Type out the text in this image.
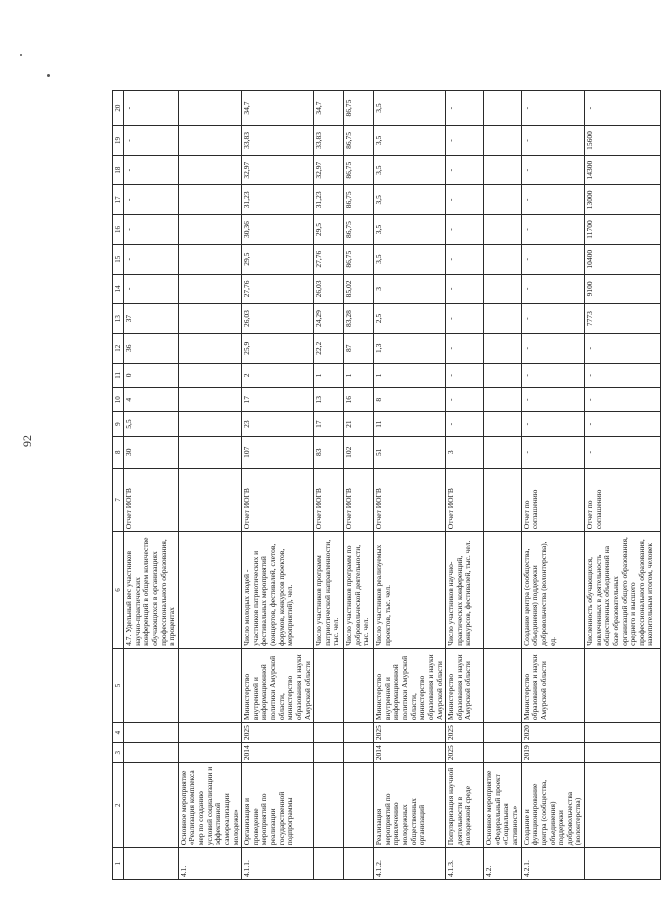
92
1	2	3	4	5	6	7	8	9	10	11	12	13	14	15	16	17	18	19	20
					4.7. Удельный вес участников научно-практических конференций в общем количестве обучающихся в организациях профессионального образования, в процентах	Отчет ИОГВ	30	5,5	4	0	36	37	-	-	-	-	-	-	-
4.1.	Основное мероприятие «Реализация комплекса мер по созданию условий социализации и эффективной самореализации молодежи»																		
4.1.1.	Организация и проведение мероприятий по реализации государственной подпрограммы	2014	2025	Министерство внутренней и информационной политики Амурской области, министерство образования и науки Амурской области	Число молодых людей - участников патриотических и фестивальных мероприятий (концертов, фестивалей, слетов, форумов, конкурсов проектов, мероприятий), чел.	Отчет ИОГВ	107	23	17	2	25,9	26,03	27,76	29,5	30,36	31,23	32,97	33,83	34,7
					Число участников программ патриотической направленности, тыс. чел.	Отчет ИОГВ	83	17	13	1	22,2	24,29	26,03	27,76	29,5	31,23	32,97	33,83	34,7
					Число участников программ по добровольческой деятельности, тыс. чел.	Отчет ИОГВ	102	21	16	1	87	83,28	85,02	86,75	86,75	86,75	86,75	86,75	86,75
4.1.2.	Реализация мероприятий по привлечению молодежных общественных организаций	2014	2025	Министерство внутренней и информационной политики Амурской области, министерство образования и науки Амурской области	Число участников реализуемых проектов, тыс. чел.	Отчет ИОГВ	51	11	8	1	1,3	2,5	3	3,5	3,5	3,5	3,5	3,5	3,5
4.1.3.	Популяризация научной деятельности в молодежной среде	2025	2025	Министерство образования и науки Амурской области	Число участников научно-практических конференций, конкурсов, фестивалей, тыс. чел.	Отчет ИОГВ	3	-	-	-	-	-	-	-	-	-	-	-	-
4.2.	Основное мероприятие «Федеральный проект «Социальная активность»																		
4.2.1.	Создание и функционирование центра (сообщества, объединения) поддержки добровольчества (волонтерства)	2019	2020	Министерство образования и науки Амурской области	Создание центра (сообщества, объединения) поддержки добровольчества (волонтерства), ед.	Отчет по соглашению	-	-	-	-	-	-	-	-	-	-	-	-	-
					Численность обучающихся, вовлеченных в деятельность общественных объединений на базе образовательных организаций общего образования, среднего и высшего профессионального образования, накопительным итогом, человек	Отчет по соглашению	-	-	-	-	-	7773	9100	10400	11700	13000	14300	15600	-
